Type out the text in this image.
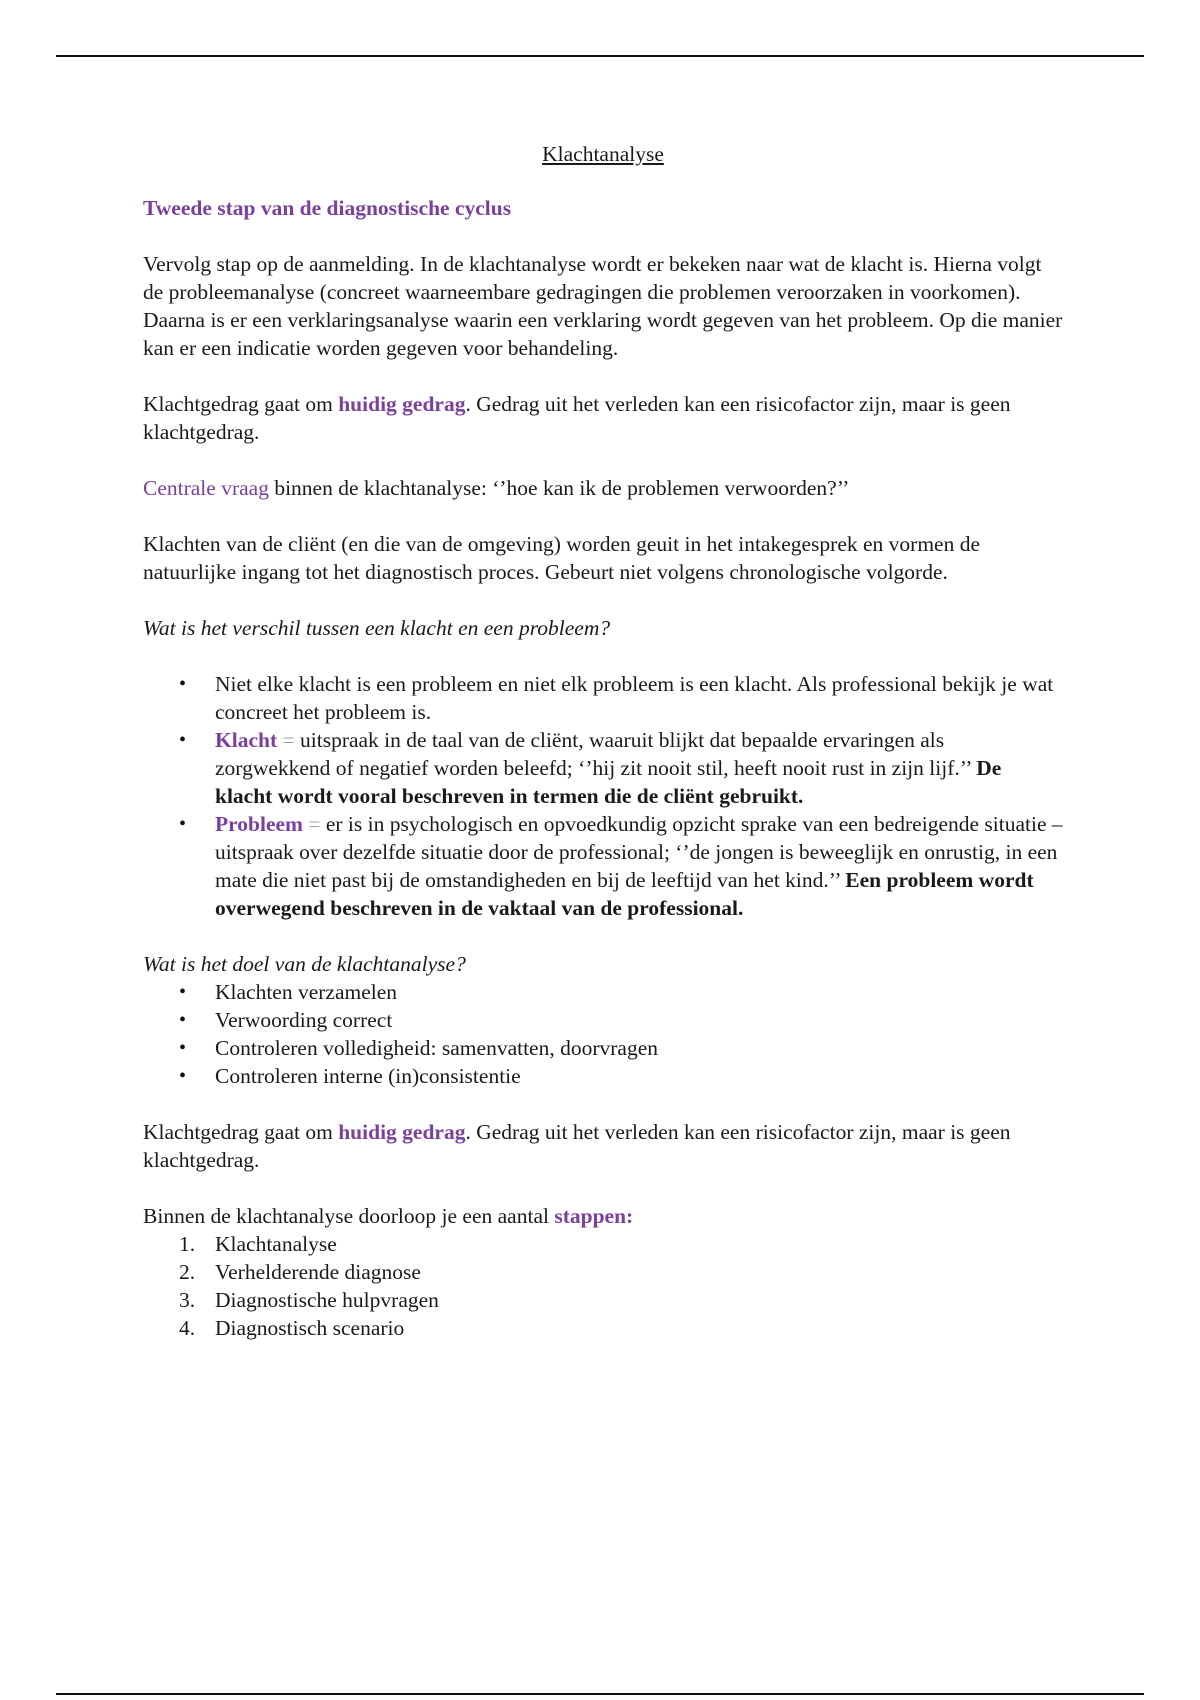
Klachtanalyse
Tweede stap van de diagnostische cyclus

Vervolg stap op de aanmelding. In de klachtanalyse wordt er bekeken naar wat de klacht is. Hierna volgt de probleemanalyse (concreet waarneembare gedragingen die problemen veroorzaken in voorkomen). Daarna is er een verklaringsanalyse waarin een verklaring wordt gegeven van het probleem. Op die manier kan er een indicatie worden gegeven voor behandeling.

Klachtgedrag gaat om huidig gedrag. Gedrag uit het verleden kan een risicofactor zijn, maar is geen klachtgedrag.

Centrale vraag binnen de klachtanalyse: ‘’hoe kan ik de problemen verwoorden?’’

Klachten van de cliënt (en die van de omgeving) worden geuit in het intakegesprek en vormen de natuurlijke ingang tot het diagnostisch proces. Gebeurt niet volgens chronologische volgorde.

Wat is het verschil tussen een klacht en een probleem?

• Niet elke klacht is een probleem en niet elk probleem is een klacht. Als professional bekijk je wat concreet het probleem is.
• Klacht = uitspraak in de taal van de cliënt, waaruit blijkt dat bepaalde ervaringen als zorgwekkend of negatief worden beleefd; ‘’hij zit nooit stil, heeft nooit rust in zijn lijf.’’ De klacht wordt vooral beschreven in termen die de cliënt gebruikt.
• Probleem = er is in psychologisch en opvoedkundig opzicht sprake van een bedreigende situatie – uitspraak over dezelfde situatie door de professional; ‘’de jongen is beweeglijk en onrustig, in een mate die niet past bij de omstandigheden en bij de leeftijd van het kind.’’ Een probleem wordt overwegend beschreven in de vaktaal van de professional.

Wat is het doel van de klachtanalyse?

• Klachten verzamelen
• Verwoording correct
• Controleren volledigheid: samenvatten, doorvragen
• Controleren interne (in)consistentie

Klachtgedrag gaat om huidig gedrag. Gedrag uit het verleden kan een risicofactor zijn, maar is geen klachtgedrag.

Binnen de klachtanalyse doorloop je een aantal stappen:

1. Klachtanalyse
2. Verhelderende diagnose
3. Diagnostische hulpvragen
4. Diagnostisch scenario
